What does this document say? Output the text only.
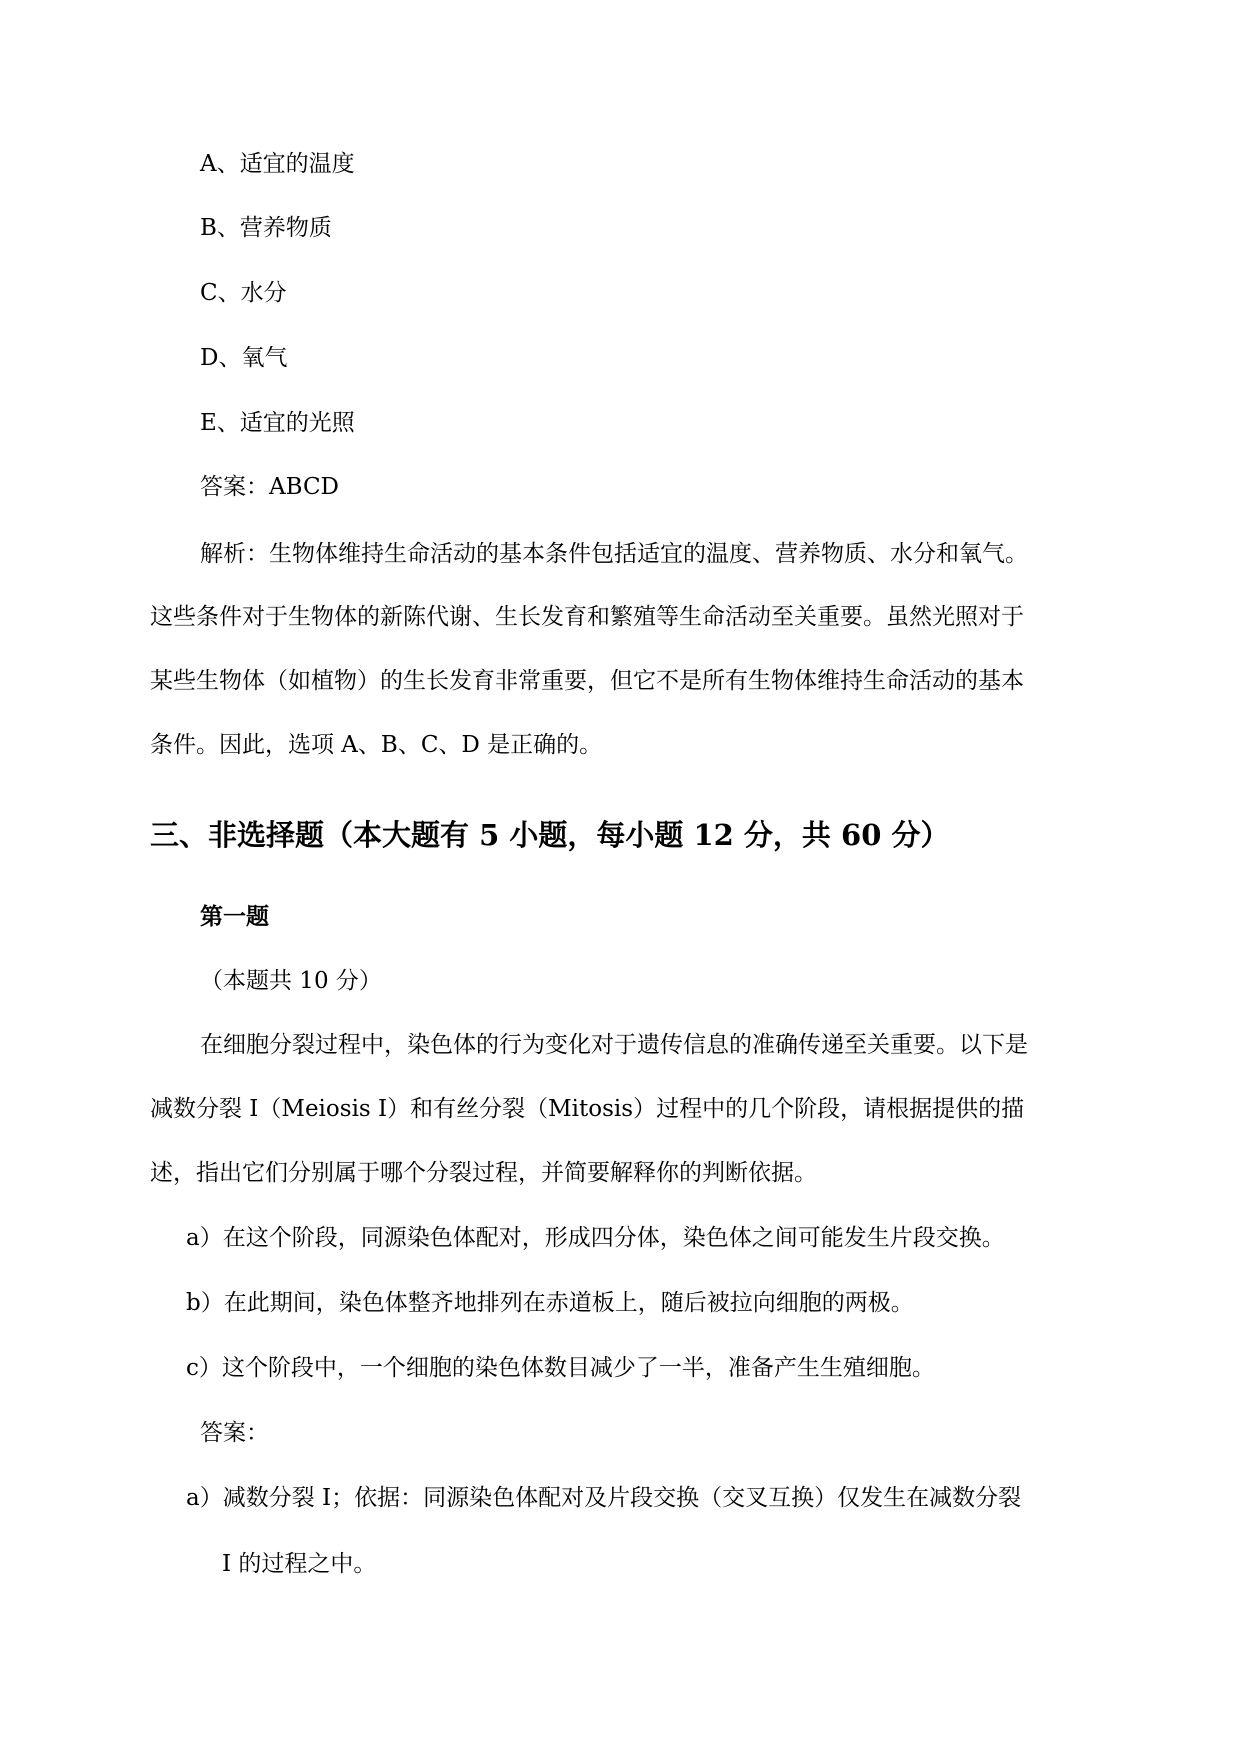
A、适宜的温度
B、营养物质
C、水分
D、氧气
E、适宜的光照
答案：ABCD
解析：生物体维持生命活动的基本条件包括适宜的温度、营养物质、水分和氧气。
这些条件对于生物体的新陈代谢、生长发育和繁殖等生命活动至关重要。虽然光照对于
某些生物体（如植物）的生长发育非常重要，但它不是所有生物体维持生命活动的基本
条件。因此，选项 A、B、C、D 是正确的。
三、非选择题（本大题有 5 小题，每小题 12 分，共 60 分）
第一题
（本题共 10 分）
在细胞分裂过程中，染色体的行为变化对于遗传信息的准确传递至关重要。以下是
减数分裂 I（Meiosis I）和有丝分裂（Mitosis）过程中的几个阶段，请根据提供的描
述，指出它们分别属于哪个分裂过程，并简要解释你的判断依据。
a）在这个阶段，同源染色体配对，形成四分体，染色体之间可能发生片段交换。
b）在此期间，染色体整齐地排列在赤道板上，随后被拉向细胞的两极。
c）这个阶段中，一个细胞的染色体数目减少了一半，准备产生生殖细胞。
答案：
a）减数分裂 I；依据：同源染色体配对及片段交换（交叉互换）仅发生在减数分裂
I 的过程之中。
